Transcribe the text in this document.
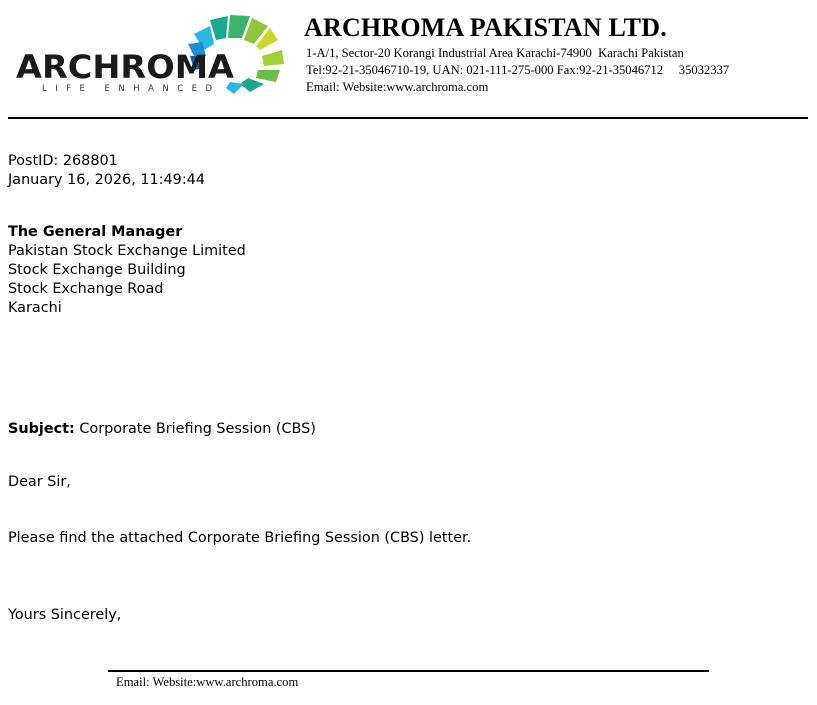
ARCHROMA
LIFE ENHANCED
ARCHROMA PAKISTAN LTD.
1-A/1, Sector-20 Korangi Industrial Area Karachi-74900  Karachi Pakistan
Tel:92-21-35046710-19, UAN: 021-111-275-000 Fax:92-21-35046712     35032337
Email: Website:www.archroma.com
PostID: 268801
January 16, 2026, 11:49:44
The General Manager
Pakistan Stock Exchange Limited
Stock Exchange Building
Stock Exchange Road
Karachi
Subject: Corporate Briefing Session (CBS)
Dear Sir,
Please find the attached Corporate Briefing Session (CBS) letter.
Yours Sincerely,
Email: Website:www.archroma.com
